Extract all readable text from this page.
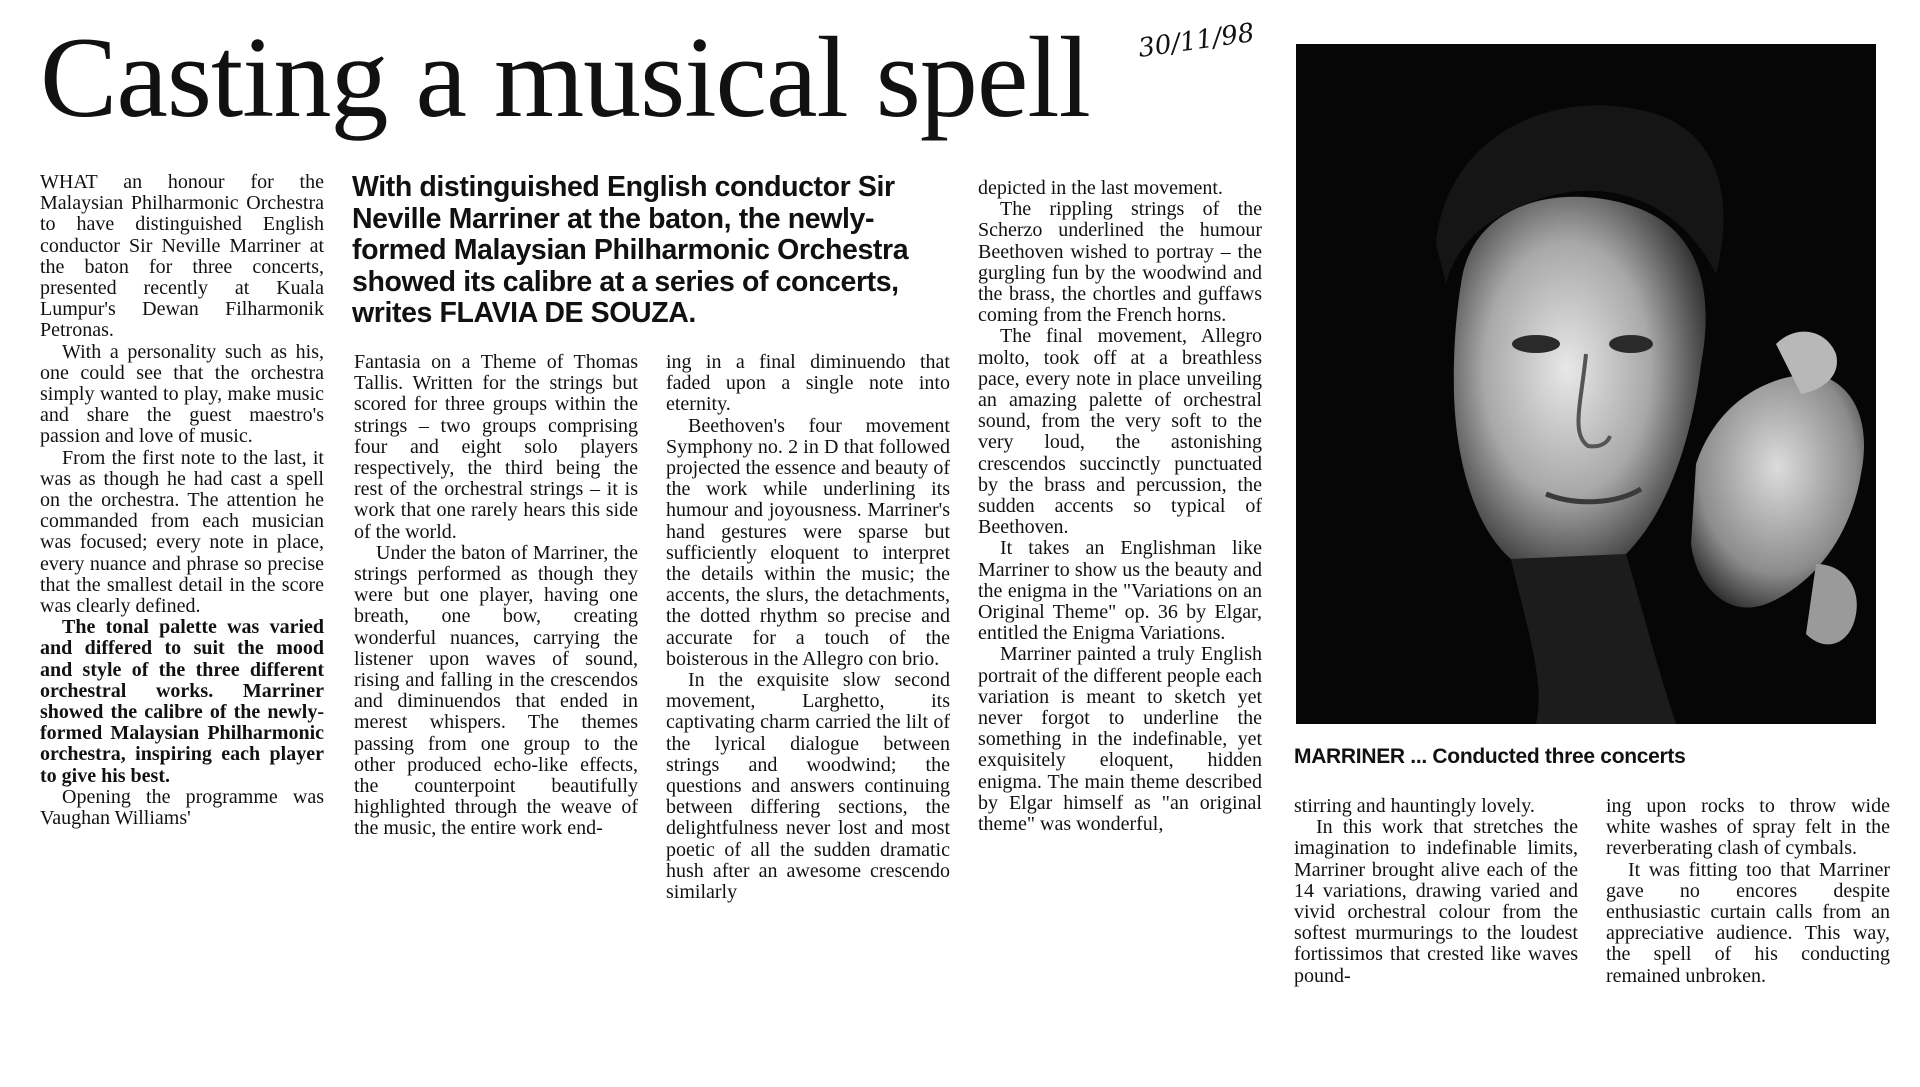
Casting a musical spell 30/11/98
With distinguished English conductor Sir Neville Marriner at the baton, the newly-formed Malaysian Philharmonic Orchestra showed its calibre at a series of concerts, writes FLAVIA DE SOUZA.

WHAT an honour for the Malaysian Philharmonic Orchestra to have distinguished English conductor Sir Neville Marriner at the baton for three concerts, presented recently at Kuala Lumpur's Dewan Filharmonik Petronas.

With a personality such as his, one could see that the orchestra simply wanted to play, make music and share the guest maestro's passion and love of music.

From the first note to the last, it was as though he had cast a spell on the orchestra. The attention he commanded from each musician was focused; every note in place, every nuance and phrase so precise that the smallest detail in the score was clearly defined.

The tonal palette was varied and differed to suit the mood and style of the three different orchestral works. Marriner showed the calibre of the newly-formed Malaysian Philharmonic orchestra, inspiring each player to give his best.

Opening the programme was Vaughan Williams'

Fantasia on a Theme of Thomas Tallis. Written for the strings but scored for three groups within the strings – two groups comprising four and eight solo players respectively, the third being the rest of the orchestral strings – it is work that one rarely hears this side of the world.

Under the baton of Marriner, the strings performed as though they were but one player, having one breath, one bow, creating wonderful nuances, carrying the listener upon waves of sound, rising and falling in the crescendos and diminuendos that ended in merest whispers. The themes passing from one group to the other produced echo-like effects, the counterpoint beautifully highlighted through the weave of the music, the entire work end-

ing in a final diminuendo that faded upon a single note into eternity.

Beethoven's four movement Symphony no. 2 in D that followed projected the essence and beauty of the work while underlining its humour and joyousness. Marriner's hand gestures were sparse but sufficiently eloquent to interpret the details within the music; the accents, the slurs, the detachments, the dotted rhythm so precise and accurate for a touch of the boisterous in the Allegro con brio.

In the exquisite slow second movement, Larghetto, its captivating charm carried the lilt of the lyrical dialogue between strings and woodwind; the questions and answers continuing between differing sections, the delightfulness never lost and most poetic of all the sudden dramatic hush after an awesome crescendo similarly

depicted in the last movement.

The rippling strings of the Scherzo underlined the humour Beethoven wished to portray – the gurgling fun by the woodwind and the brass, the chortles and guffaws coming from the French horns.

The final movement, Allegro molto, took off at a breathless pace, every note in place unveiling an amazing palette of orchestral sound, from the very soft to the very loud, the astonishing crescendos succinctly punctuated by the brass and percussion, the sudden accents so typical of Beethoven.

It takes an Englishman like Marriner to show us the beauty and the enigma in the "Variations on an Original Theme" op. 36 by Elgar, entitled the Enigma Variations.

Marriner painted a truly English portrait of the different people each variation is meant to sketch yet never forgot to underline the something in the indefinable, yet exquisitely eloquent, hidden enigma. The main theme described by Elgar himself as "an original theme" was wonderful,

MARRINER ... Conducted three concerts

stirring and hauntingly lovely.

In this work that stretches the imagination to indefinable limits, Marriner brought alive each of the 14 variations, drawing varied and vivid orchestral colour from the softest murmurings to the loudest fortissimos that crested like waves pound-

ing upon rocks to throw wide white washes of spray felt in the reverberating clash of cymbals.

It was fitting too that Marriner gave no encores despite enthusiastic curtain calls from an appreciative audience. This way, the spell of his conducting remained unbroken.
